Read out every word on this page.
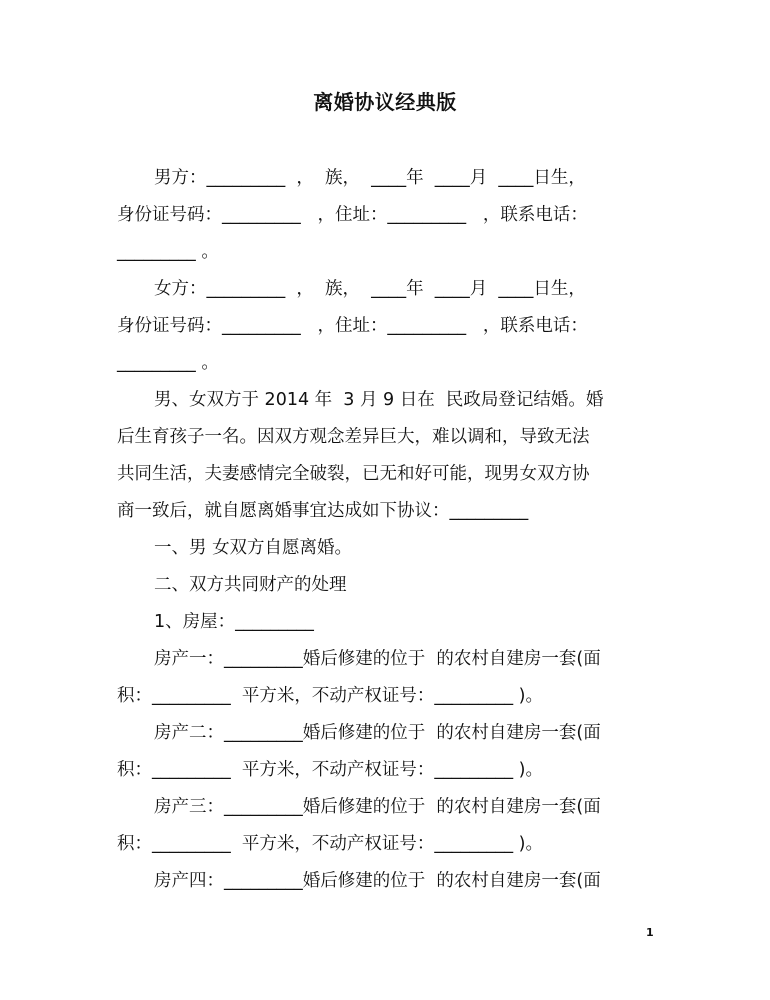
离婚协议经典版
男方：_________  ，  族，  ____年  ____月  ____日生，
身份证号码：_________   ，住址：_________   ，联系电话：
_________ 。
女方：_________  ，  族，  ____年  ____月  ____日生，
身份证号码：_________   ，住址：_________   ，联系电话：
_________ 。
男、女双方于 2014 年  3 月 9 日在  民政局登记结婚。婚
后生育孩子一名。因双方观念差异巨大，难以调和，导致无法
共同生活，夫妻感情完全破裂，已无和好可能，现男女双方协
商一致后，就自愿离婚事宜达成如下协议：_________
一、男 女双方自愿离婚。
二、双方共同财产的处理
1、房屋：_________
房产一：_________婚后修建的位于  的农村自建房一套(面
积：_________  平方米，不动产权证号：_________ )。
房产二：_________婚后修建的位于  的农村自建房一套(面
积：_________  平方米，不动产权证号：_________ )。
房产三：_________婚后修建的位于  的农村自建房一套(面
积：_________  平方米，不动产权证号：_________ )。
房产四：_________婚后修建的位于  的农村自建房一套(面
1
